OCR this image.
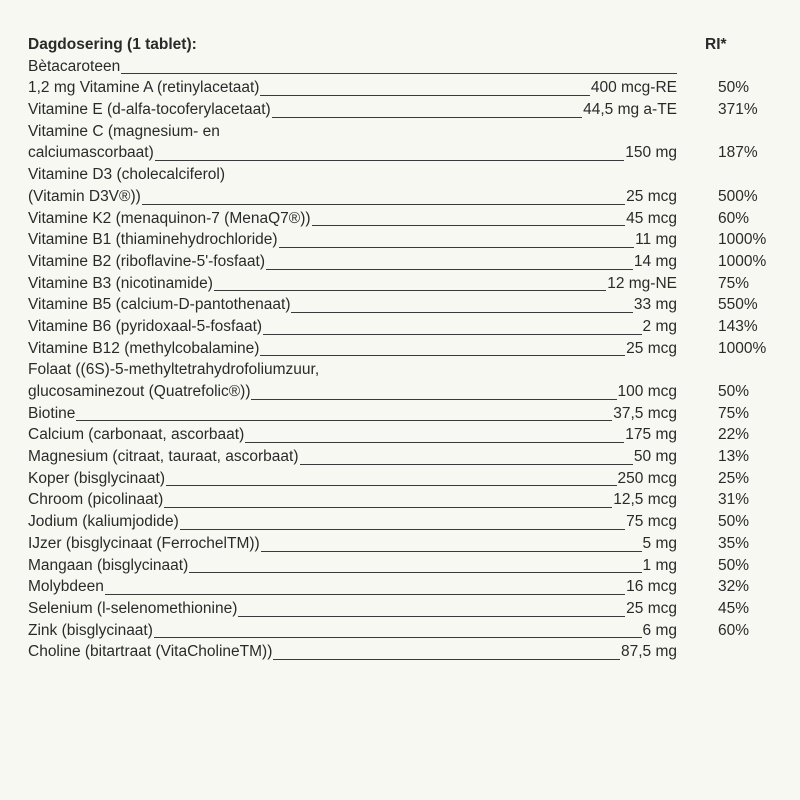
Dagdosering (1 tablet):	RI*
Bètacaroteen
1,2 mg Vitamine A (retinylacetaat)	400 mcg-RE	50%
Vitamine E (d-alfa-tocoferylacetaat)	44,5 mg a-TE	371%
Vitamine C (magnesium- en
calciumascorbaat)	150 mg	187%
Vitamine D3 (cholecalciferol)
(Vitamin D3V®))	25 mcg	500%
Vitamine K2 (menaquinon-7 (MenaQ7®))	45 mcg	60%
Vitamine B1 (thiaminehydrochloride)	11 mg	1000%
Vitamine B2 (riboflavine-5'-fosfaat)	14 mg	1000%
Vitamine B3 (nicotinamide)	12 mg-NE	75%
Vitamine B5 (calcium-D-pantothenaat)	33 mg	550%
Vitamine B6 (pyridoxaal-5-fosfaat)	2 mg	143%
Vitamine B12 (methylcobalamine)	25 mcg	1000%
Folaat ((6S)-5-methyltetrahydrofoliumzuur,
glucosaminezout (Quatrefolic®))	100 mcg	50%
Biotine	37,5 mcg	75%
Calcium (carbonaat, ascorbaat)	175 mg	22%
Magnesium (citraat, tauraat, ascorbaat)	50 mg	13%
Koper (bisglycinaat)	250 mcg	25%
Chroom (picolinaat)	12,5 mcg	31%
Jodium (kaliumjodide)	75 mcg	50%
IJzer (bisglycinaat (FerrochelTM))	5 mg	35%
Mangaan (bisglycinaat)	1 mg	50%
Molybdeen	16 mcg	32%
Selenium (l-selenomethionine)	25 mcg	45%
Zink (bisglycinaat)	6 mg	60%
Choline (bitartraat (VitaCholineTM))	87,5 mg
